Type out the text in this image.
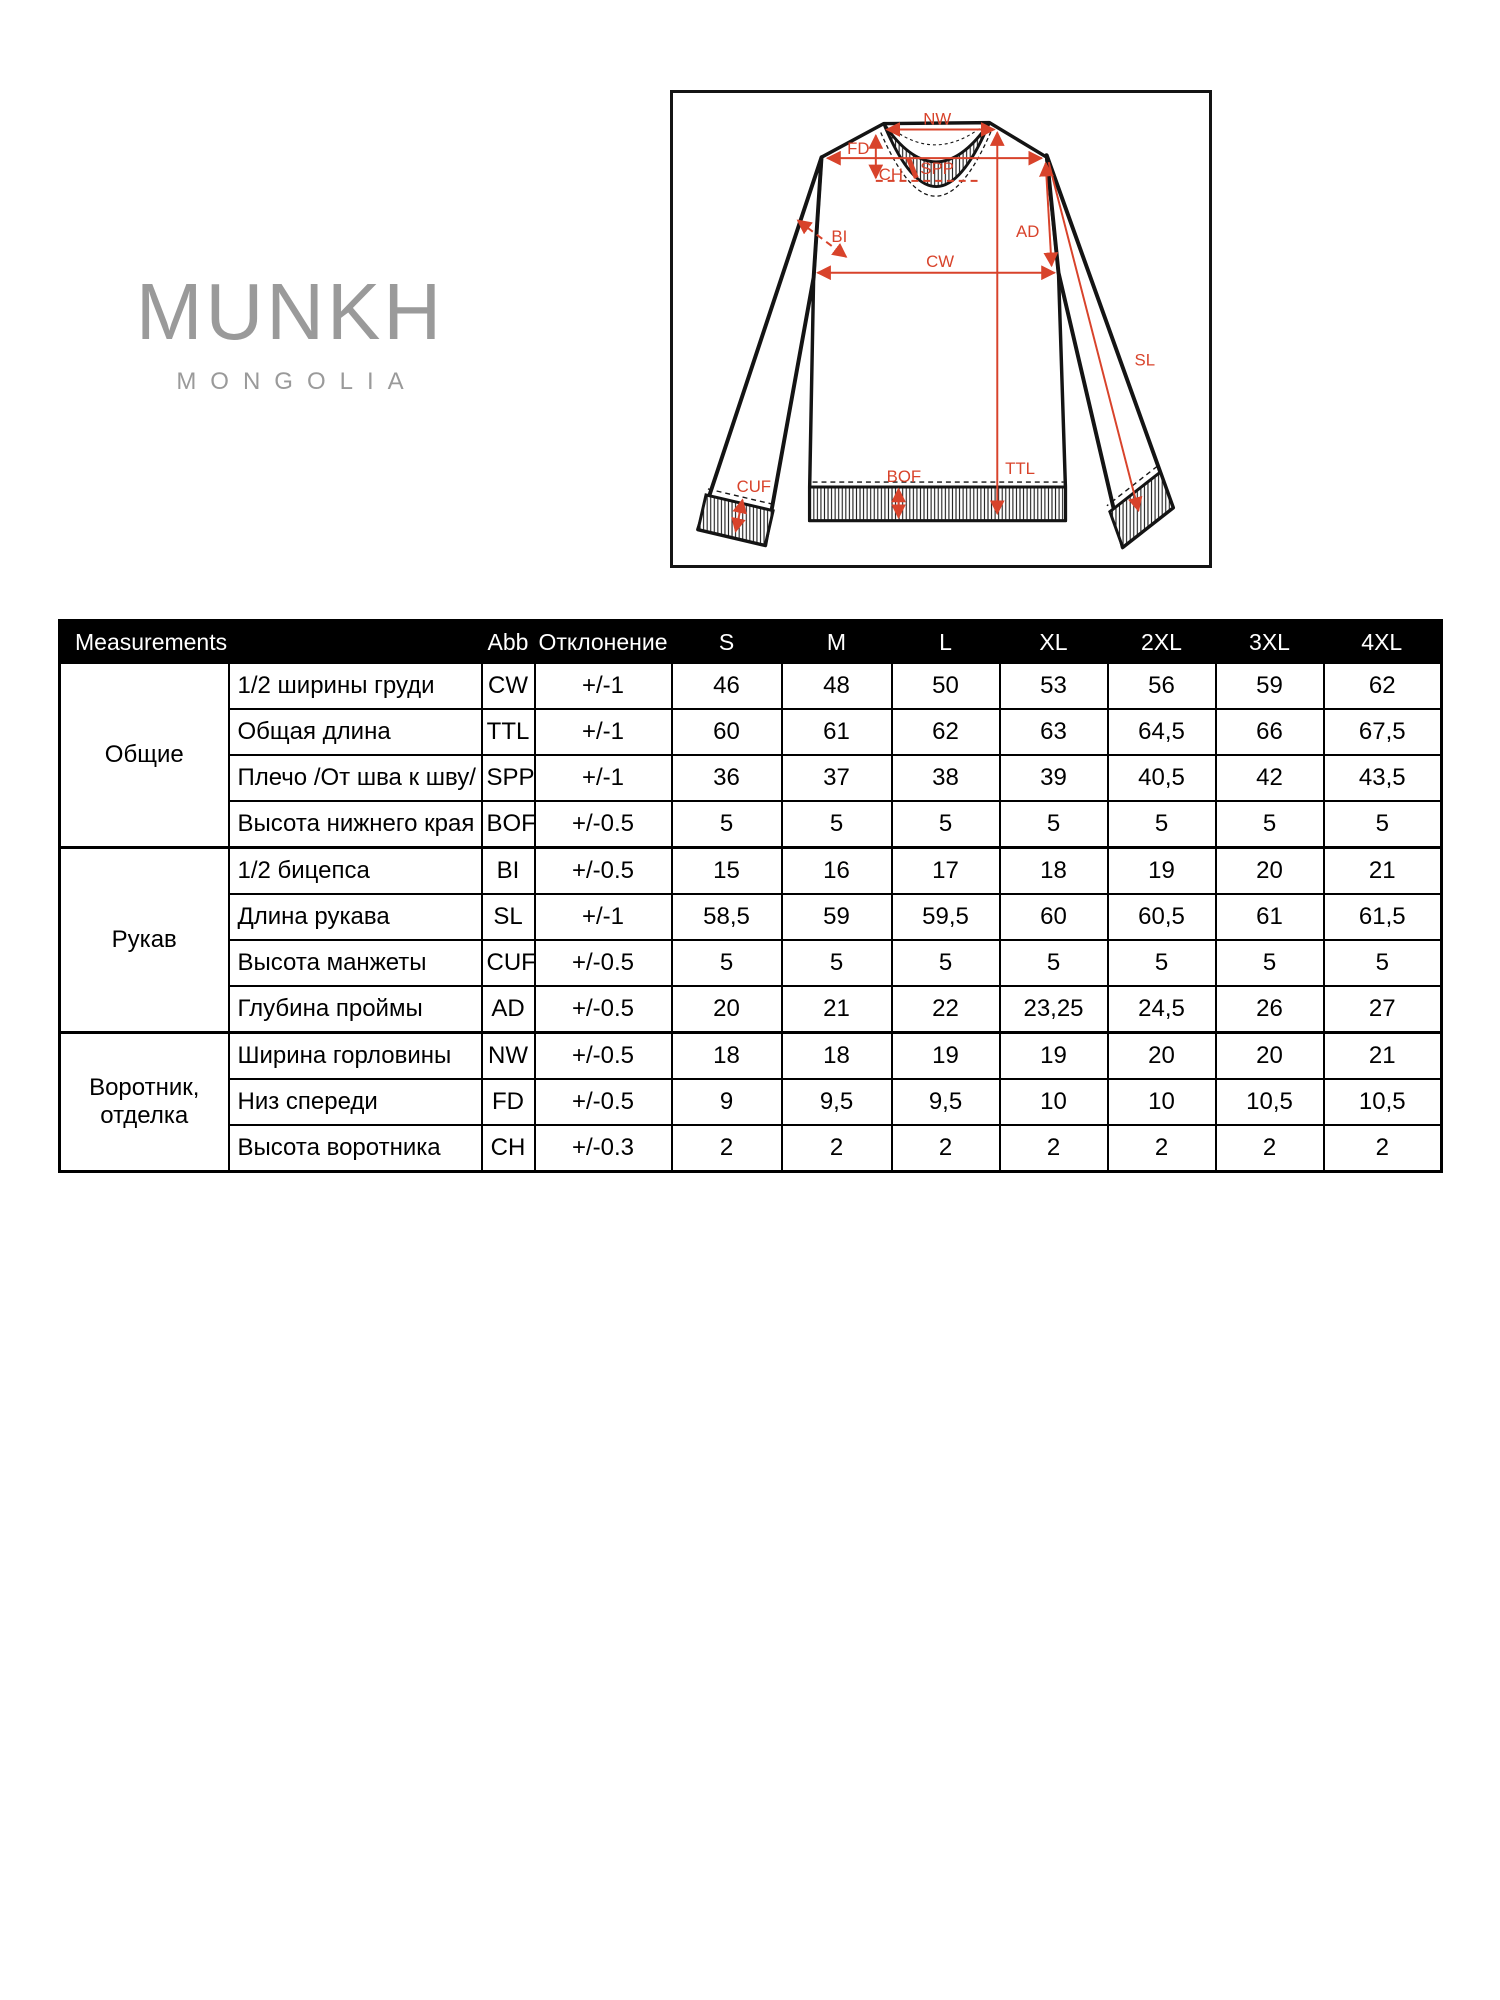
MUNKH
MONGOLIA
NW
FD
SPP
CH
BI
CW
AD
SL
TTL
BOF
CUF
Measurements		Abb	Отклонение	S	M	L	XL	2XL	3XL	4XL
Общие	1/2 ширины груди	CW	+/-1	46	48	50	53	56	59	62
	Общая длина	TTL	+/-1	60	61	62	63	64,5	66	67,5
	Плечо /От шва к шву/	SPP	+/-1	36	37	38	39	40,5	42	43,5
	Высота нижнего края	BOF	+/-0.5	5	5	5	5	5	5	5
Рукав	1/2 бицепса	BI	+/-0.5	15	16	17	18	19	20	21
	Длина рукава	SL	+/-1	58,5	59	59,5	60	60,5	61	61,5
	Высота манжеты	CUF	+/-0.5	5	5	5	5	5	5	5
	Глубина проймы	AD	+/-0.5	20	21	22	23,25	24,5	26	27
Воротник, отделка	Ширина горловины	NW	+/-0.5	18	18	19	19	20	20	21
	Низ спереди	FD	+/-0.5	9	9,5	9,5	10	10	10,5	10,5
	Высота воротника	CH	+/-0.3	2	2	2	2	2	2	2
